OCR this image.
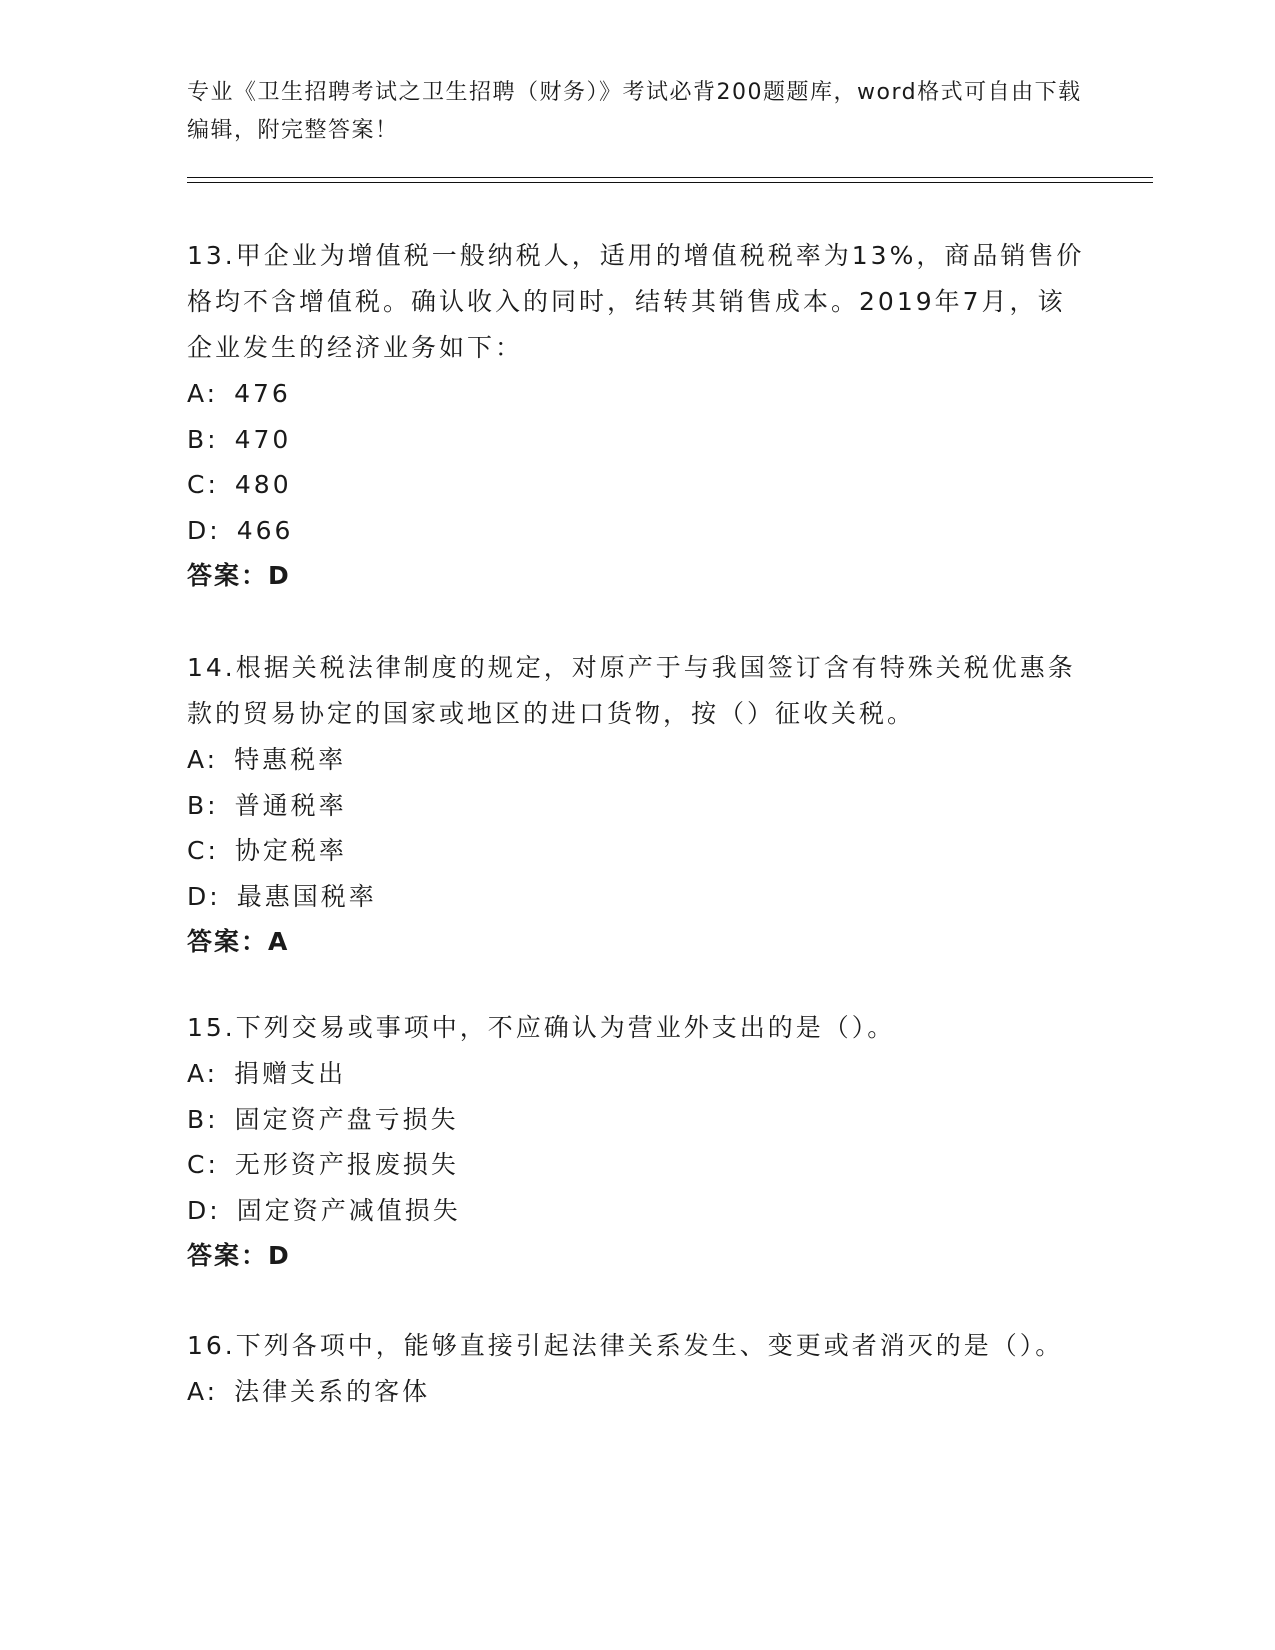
专业《卫生招聘考试之卫生招聘（财务）》考试必背200题题库，word格式可自由下载编辑，附完整答案！

13.甲企业为增值税一般纳税人，适用的增值税税率为13%，商品销售价格均不含增值税。确认收入的同时，结转其销售成本。2019年7月，该企业发生的经济业务如下：

A : 476
B : 470
C : 480
D : 466
答案 ： D

14.根据关税法律制度的规定，对原产于与我国签订含有特殊关税优惠条款的贸易协定的国家或地区的进口货物，按（）征收关税。

A : 特惠税率
B : 普通税率
C : 协定税率
D : 最惠国税率
答案 ： A

15.下列交易或事项中，不应确认为营业外支出的是（）。

A : 捐赠支出
B : 固定资产盘亏损失
C : 无形资产报废损失
D : 固定资产减值损失
答案 ： D

16.下列各项中，能够直接引起法律关系发生、变更或者消灭的是（）。

A : 法律关系的客体
